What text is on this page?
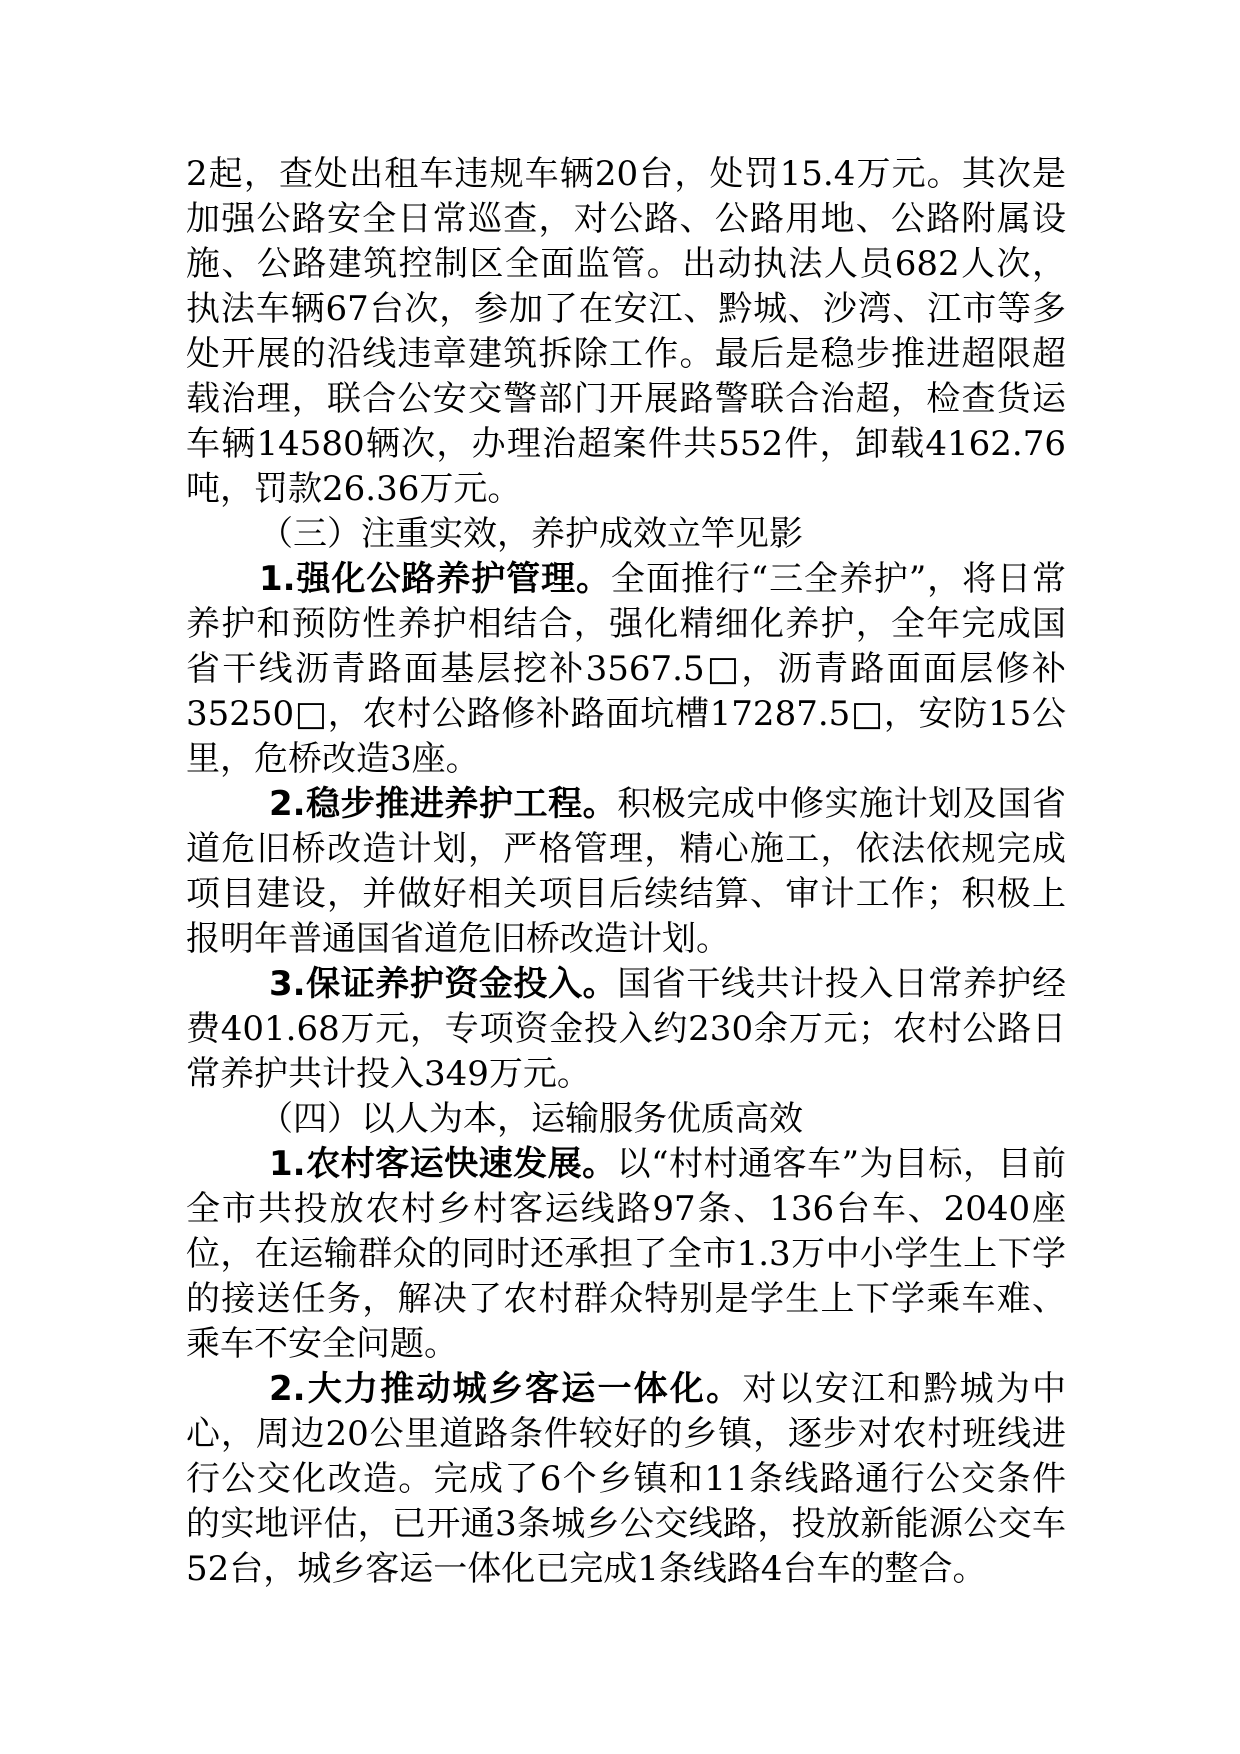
2起，查处出租车违规车辆20台，处罚15.4万元。其次是加强公路安全日常巡查，对公路、公路用地、公路附属设施、公路建筑控制区全面监管。出动执法人员682人次，执法车辆67台次，参加了在安江、黔城、沙湾、江市等多处开展的沿线违章建筑拆除工作。最后是稳步推进超限超载治理，联合公安交警部门开展路警联合治超，检查货运车辆14580辆次，办理治超案件共552件，卸载4162.76吨，罚款26.36万元。

（三）注重实效，养护成效立竿见影

1.强化公路养护管理。全面推行“三全养护”，将日常养护和预防性养护相结合，强化精细化养护，全年完成国省干线沥青路面基层挖补3567.5□，沥青路面面层修补35250□，农村公路修补路面坑槽17287.5□，安防15公里，危桥改造3座。

2.稳步推进养护工程。积极完成中修实施计划及国省道危旧桥改造计划，严格管理，精心施工，依法依规完成项目建设，并做好相关项目后续结算、审计工作；积极上报明年普通国省道危旧桥改造计划。

3.保证养护资金投入。国省干线共计投入日常养护经费401.68万元，专项资金投入约230余万元；农村公路日常养护共计投入349万元。

（四）以人为本，运输服务优质高效

1.农村客运快速发展。以“村村通客车”为目标，目前全市共投放农村乡村客运线路97条、136台车、2040座位，在运输群众的同时还承担了全市1.3万中小学生上下学的接送任务，解决了农村群众特别是学生上下学乘车难、乘车不安全问题。

2.大力推动城乡客运一体化。对以安江和黔城为中心，周边20公里道路条件较好的乡镇，逐步对农村班线进行公交化改造。完成了6个乡镇和11条线路通行公交条件的实地评估，已开通3条城乡公交线路，投放新能源公交车52台，城乡客运一体化已完成1条线路4台车的整合。
